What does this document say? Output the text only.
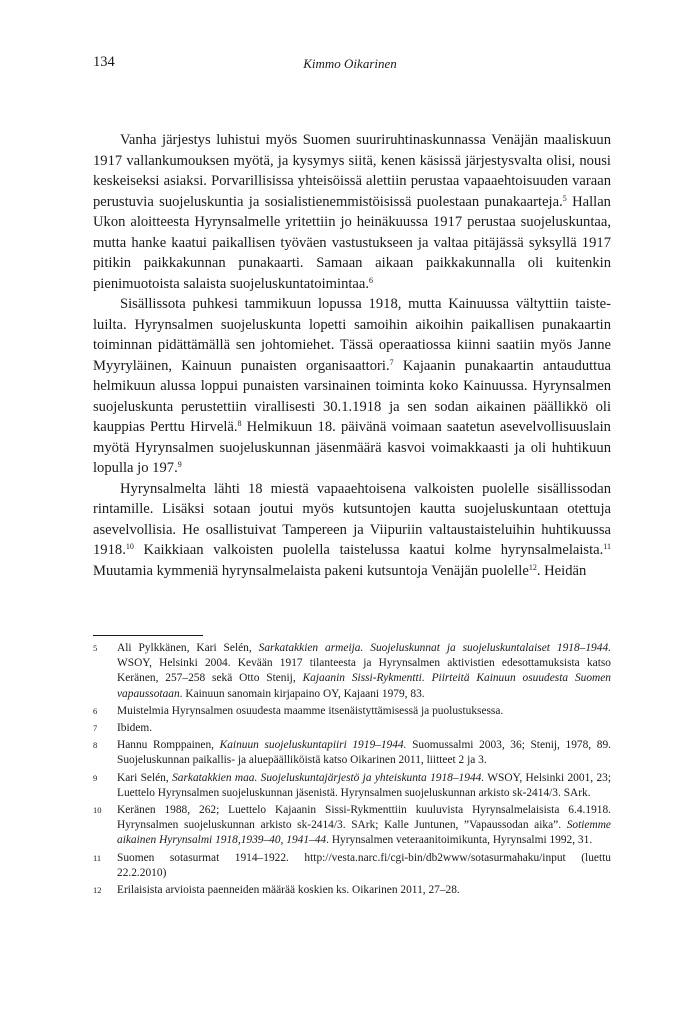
134	Kimmo Oikarinen

Vanha järjestys luhistui myös Suomen suuriruhtinaskunnassa Venäjän maaliskuun 1917 vallankumouksen myötä, ja kysymys siitä, kenen käsissä järjestysvalta olisi, nousi keskeiseksi asiaksi. Porvarillisissa yhteisöissä alettiin perustaa vapaaehtoisuuden varaan perustuvia suojeluskuntia ja sosialistienemmistöisissä puolestaan punakaarteja.$^5$ Hallan Ukon aloitteesta Hyrynsalmelle yritettiin jo heinäkuussa 1917 perustaa suojeluskuntaa, mutta hanke kaatui paikallisen työväen vastustukseen ja valtaa pitäjässä syksyllä 1917 pitikin paikkakunnan punakaarti. Samaan aikaan paikkakunnalla oli kuitenkin pienimuotoista salaista suojeluskuntatoimintaa.$^6$

Sisällissota puhkesi tammikuun lopussa 1918, mutta Kainuussa vältyttiin taisteluilta. Hyrynsalmen suojeluskunta lopetti samoihin aikoihin paikallisen punakaartin toiminnan pidättämällä sen johtomiehet. Tässä operaatiossa kiinni saatiin myös Janne Myyryläinen, Kainuun punaisten organisaattori.$^7$ Kajaanin punakaartin antauduttua helmikuun alussa loppui punaisten varsinainen toiminta koko Kainuussa. Hyrynsalmen suojeluskunta perustettiin virallisesti 30.1.1918 ja sen sodan aikainen päällikkö oli kauppias Perttu Hirvelä.$^8$ Helmikuun 18. päivänä voimaan saatetun asevelvollisuuslain myötä Hyrynsalmen suojeluskunnan jäsenmäärä kasvoi voimakkaasti ja oli huhtikuun lopulla jo 197.$^9$

Hyrynsalmelta lähti 18 miestä vapaaehtoisena valkoisten puolelle sisällissodan rintamille. Lisäksi sotaan joutui myös kutsuntojen kautta suojeluskuntaan otettuja asevelvollisia. He osallistuivat Tampereen ja Viipuriin valtaustaisteluihin huhtikuussa 1918.10 Kaikkiaan valkoisten puolella taistelussa kaatui kolme hyrynsalmelaista.$^{11}$ Muutamia kymmeniä hyrynsalmelaista pakeni kutsuntoja Venäjän puolelle$^{12}$. Heidän

5	Ali Pylkkänen, Kari Selén, Sarkatakkien armeija. Suojeluskunnat ja suojeluskuntalaiset 1918–1944. WSOY, Helsinki 2004. Kevään 1917 tilanteesta ja Hyrynsalmen aktivistien edesottamuksista katso Keränen, 257–258 sekä Otto Stenij, Kajaanin Sissi-Rykmentti. Piirteitä Kainuun osuudesta Suomen vapaussotaan. Kainuun sanomain kirjapaino OY, Kajaani 1979, 83.
6	Muistelmia Hyrynsalmen osuudesta maamme itsenäistyttämisessä ja puolustuksessa.
7	Ibidem.
8	Hannu Romppainen, Kainuun suojeluskuntapiiri 1919–1944. Suomussalmi 2003, 36; Stenij, 1978, 89. Suojeluskunnan paikallis- ja aluepäälliköistä katso Oikarinen 2011, liitteet 2 ja 3.
9	Kari Selén, Sarkatakkien maa. Suojeluskuntajärjestö ja yhteiskunta 1918–1944. WSOY, Helsinki 2001, 23; Luettelo Hyrynsalmen suojeluskunnan jäsenistä. Hyrynsalmen suojeluskunnan arkisto sk-2414/3. SArk.
10	Keränen 1988, 262; Luettelo Kajaanin Sissi-Rykmenttiin kuuluvista Hyrynsalmelaisista 6.4.1918. Hyrynsalmen suojeluskunnan arkisto sk-2414/3. SArk; Kalle Juntunen, ”Vapaussodan aika”. Sotiemme aikainen Hyrynsalmi 1918,1939–40, 1941–44. Hyrynsalmen veteraanitoimikunta, Hyrynsalmi 1992, 31.
11	Suomen sotasurmat 1914–1922. http://vesta.narc.fi/cgi-bin/db2www/sotasurmahaku/input (luettu 22.2.2010)
12	Erilaisista arvioista paenneiden määrää koskien ks. Oikarinen 2011, 27–28.
